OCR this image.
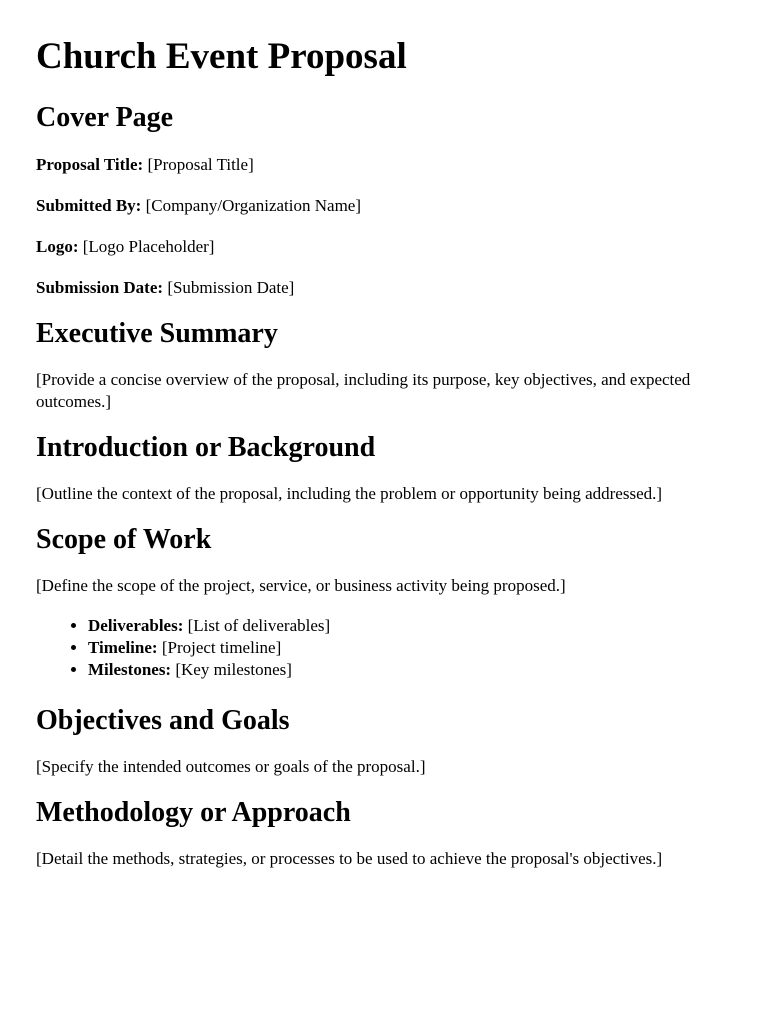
Church Event Proposal
Cover Page

Proposal Title: [Proposal Title]

Submitted By: [Company/Organization Name]

Logo: [Logo Placeholder]

Submission Date: [Submission Date]

Executive Summary

[Provide a concise overview of the proposal, including its purpose, key objectives, and expected outcomes.]

Introduction or Background

[Outline the context of the proposal, including the problem or opportunity being addressed.]

Scope of Work

[Define the scope of the project, service, or business activity being proposed.]

• Deliverables: [List of deliverables]
• Timeline: [Project timeline]
• Milestones: [Key milestones]
Objectives and Goals

[Specify the intended outcomes or goals of the proposal.]

Methodology or Approach

[Detail the methods, strategies, or processes to be used to achieve the proposal's objectives.]
